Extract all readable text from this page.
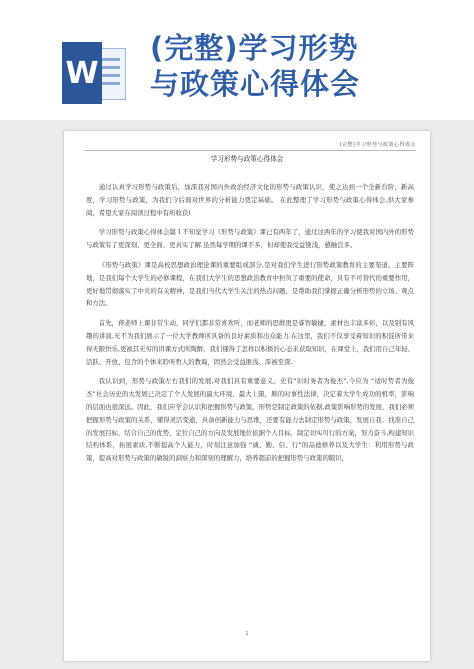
W
(完整)学习形势
与政策心得体会
(完整)学习形势与政策心得体会
学习形势与政策心得体会

通过认真学习形势与政策后，加深我对国内外政治经济文化的形势与政策认识，使之达到一个全新台阶，新高度，学习形势与政策，为我们今后面对世界的分析能力奠定基础。 在此整理了学习形势与政策心得体会,供大家参阅，希望大家在阅读过程中有所收获!

学习形势与政策心得体会篇１不知觉学习《形势与政策》课已有两年了，通过这两年的学习使我对国内外的形势与政策有了更深刻、更全面、更真实了解.虽然每学期的课不多，但却使我受益匪浅，感触良多。

《形势与政策》课是高校思想政治理论课的重要组成部分,是对我们学生进行形势政策教育的主要渠道、主要阵地，是我们每个大学生的必修课程，在我们大学生的思想政治教育中担负了重要的使命，具有不可替代的重要作用，更好地贯彻落实了中央的有关精神，是我们当代大学生关注的热点问题，是帮助我们掌握正确分析形势的立场、观点和方法。

首先，蒋老师上课非常生动，同学们都非常喜欢听，而老师的思维更是睿智敏捷，素材也丰富多彩，以及别有风趣的讲演,无不为我们展示了一位大学教师所具备的良好素质和出众能力.在这里，我们不仅享受着知识的积淀所带来得无限快乐,更被其无穷的讲课方式所陶醉，我们懂得了怎样以积极的心态来获取知识，在课堂上，我们用自己年轻、活跃、开放、包含的个体来聆听哲人的教诲，固然会受益匪浅、浑被至深.

我认识到，形势与政策左右我们的发展,对我们具有重要意义。史有“识时务者为俊杰”,今应为 “适时势者为俊杰”社会历史的大发展已决定了个人发展的最大环境、最大上限，顺的时事性法律，决定着大学生成功的机率，影响的层面也很深远。因此，我们应学会认识和把握形势与政策。形势是制定政策的依据,政策影响形势的发展，我们必须把握形势与政策的关系，懂得灵活变通，具备创新能力与思维，还要有能力去制定形势与政策，发展自我：找准自己的发展目标，结合自己的优势，定位自己的方向及发展地位依据个人目标，制定切实可行的方案，努力奋斗,构建知识结构体系，拓展素质,不断提高个人能力，时刻注意加强 “诚、勤、信、行”的品德修养以及大学生：利用形势与政策，提高对形势与政策的敏锐的洞察力和深刻的理解力，培养超前的把握形势与政策的眼识，

1
